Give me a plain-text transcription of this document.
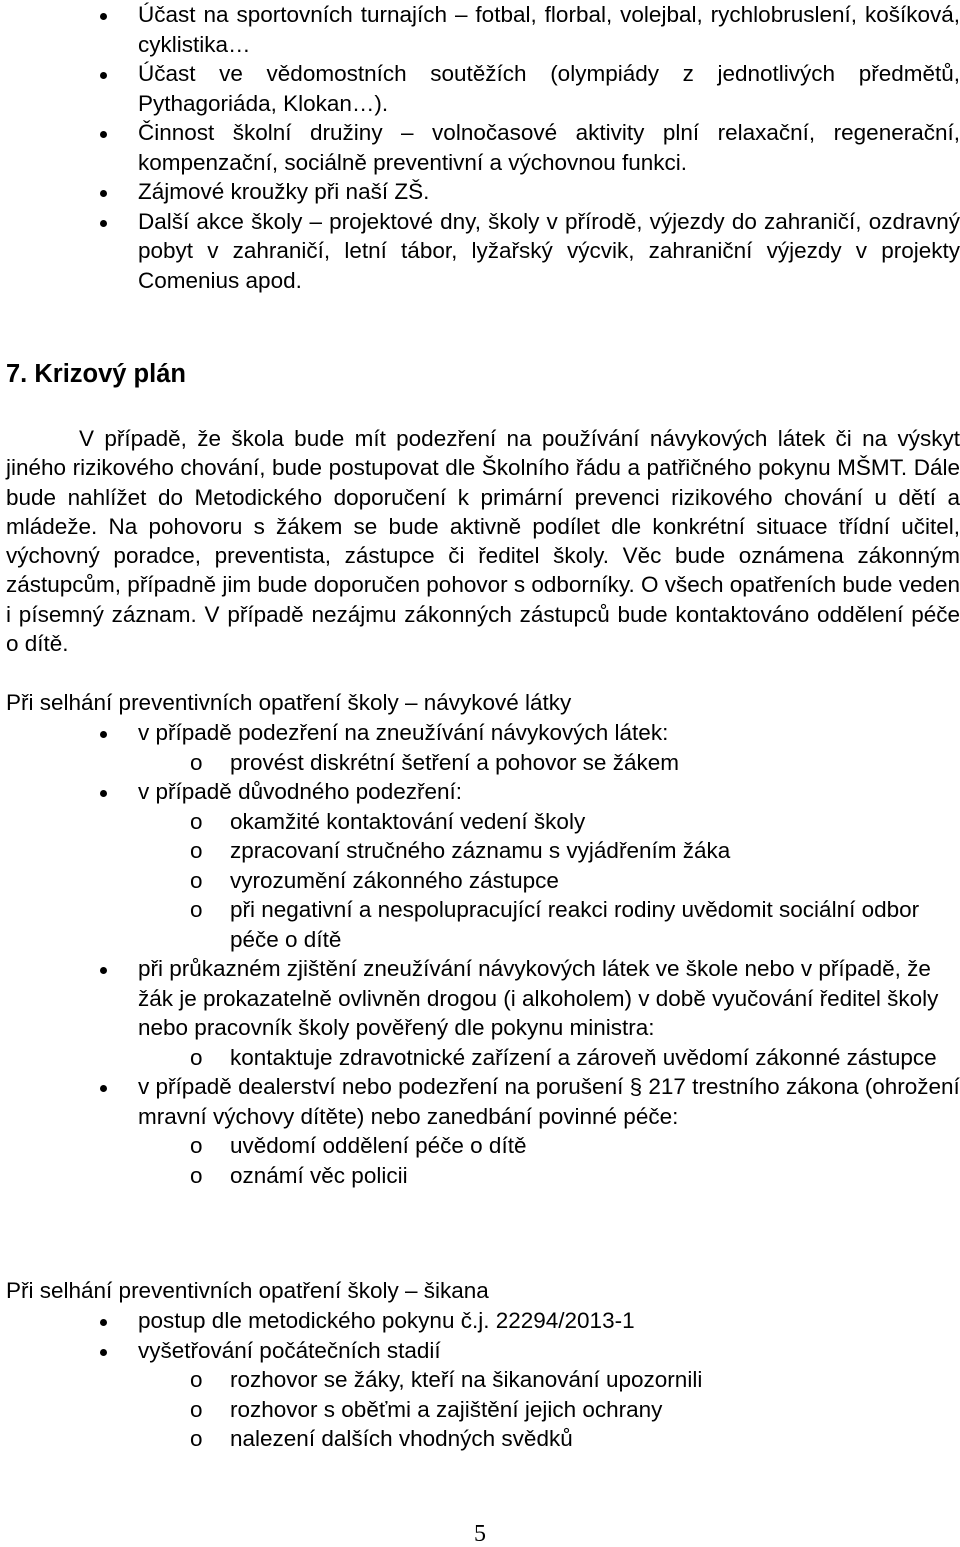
Účast na sportovních turnajích – fotbal, florbal, volejbal, rychlobruslení, košíková, cyklistika…
Účast ve vědomostních soutěžích (olympiády z jednotlivých předmětů, Pythagoriáda, Klokan…).
Činnost školní družiny – volnočasové aktivity plní relaxační, regenerační, kompenzační, sociálně preventivní a výchovnou funkci.
Zájmové kroužky při naší ZŠ.
Další akce školy – projektové dny, školy v přírodě, výjezdy do zahraničí, ozdravný pobyt v zahraničí, letní tábor, lyžařský výcvik, zahraniční výjezdy v projekty Comenius apod.
7. Krizový plán

V případě, že škola bude mít podezření na používání návykových látek či na výskyt jiného rizikového chování, bude postupovat dle Školního řádu a patřičného pokynu MŠMT. Dále bude nahlížet do Metodického doporučení k primární prevenci rizikového chování u dětí a mládeže. Na pohovoru s žákem se bude aktivně podílet dle konkrétní situace třídní učitel, výchovný poradce, preventista, zástupce či ředitel školy. Věc bude oznámena zákonným zástupcům, případně jim bude doporučen pohovor s odborníky. O všech opatřeních bude veden i písemný záznam. V případě nezájmu zákonných zástupců bude kontaktováno oddělení péče o dítě.

Při selhání preventivních opatření školy – návykové látky

v případě podezření na zneužívání návykových látek:
o provést diskrétní šetření a pohovor se žákem
v případě důvodného podezření:
o okamžité kontaktování vedení školy
o zpracovaní stručného záznamu s vyjádřením žáka
o vyrozumění zákonného zástupce
o při negativní a nespolupracující reakci rodiny uvědomit sociální odbor péče o dítě
při průkazném zjištění zneužívání návykových látek ve škole nebo v případě, že žák je prokazatelně ovlivněn drogou (i alkoholem) v době vyučování ředitel školy nebo pracovník školy pověřený dle pokynu ministra:
o kontaktuje zdravotnické zařízení a zároveň uvědomí zákonné zástupce
v případě dealerství nebo podezření na porušení § 217 trestního zákona (ohrožení mravní výchovy dítěte) nebo zanedbání povinné péče:
o uvědomí oddělení péče o dítě
o oznámí věc policii

Při selhání preventivních opatření školy – šikana

postup dle metodického pokynu č.j. 22294/2013-1
vyšetřování počátečních stadií
o rozhovor se žáky, kteří na šikanování upozornili
o rozhovor s oběťmi a zajištění jejich ochrany
o nalezení dalších vhodných svědků
5
